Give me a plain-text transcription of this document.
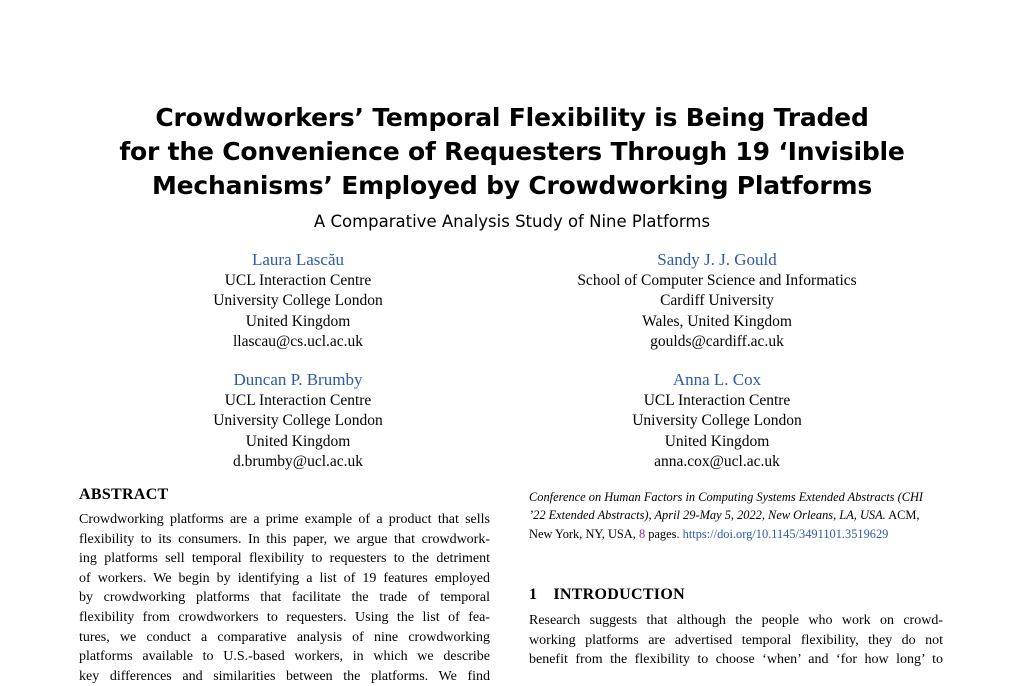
Crowdworkers’ Temporal Flexibility is Being Traded
for the Convenience of Requesters Through 19 ‘Invisible
Mechanisms’ Employed by Crowdworking Platforms
A Comparative Analysis Study of Nine Platforms
Laura Lascău
UCL Interaction Centre
University College London
United Kingdom
llascau@cs.ucl.ac.uk
Sandy J. J. Gould
School of Computer Science and Informatics
Cardiff University
Wales, United Kingdom
goulds@cardiff.ac.uk
Duncan P. Brumby
UCL Interaction Centre
University College London
United Kingdom
d.brumby@ucl.ac.uk
Anna L. Cox
UCL Interaction Centre
University College London
United Kingdom
anna.cox@ucl.ac.uk
ABSTRACT
Crowdworking platforms are a prime example of a product that sells
flexibility to its consumers. In this paper, we argue that crowdwork-
ing platforms sell temporal flexibility to requesters to the detriment
of workers. We begin by identifying a list of 19 features employed
by crowdworking platforms that facilitate the trade of temporal
flexibility from crowdworkers to requesters. Using the list of fea-
tures, we conduct a comparative analysis of nine crowdworking
platforms available to U.S.-based workers, in which we describe
key differences and similarities between the platforms. We find
Conference on Human Factors in Computing Systems Extended Abstracts (CHI
’22 Extended Abstracts), April 29-May 5, 2022, New Orleans, LA, USA. ACM,
New York, NY, USA, 8 pages. https://doi.org/10.1145/3491101.3519629
1 INTRODUCTION
Research suggests that although the people who work on crowd-
working platforms are advertised temporal flexibility, they do not
benefit from the flexibility to choose ‘when’ and ‘for how long’ to
